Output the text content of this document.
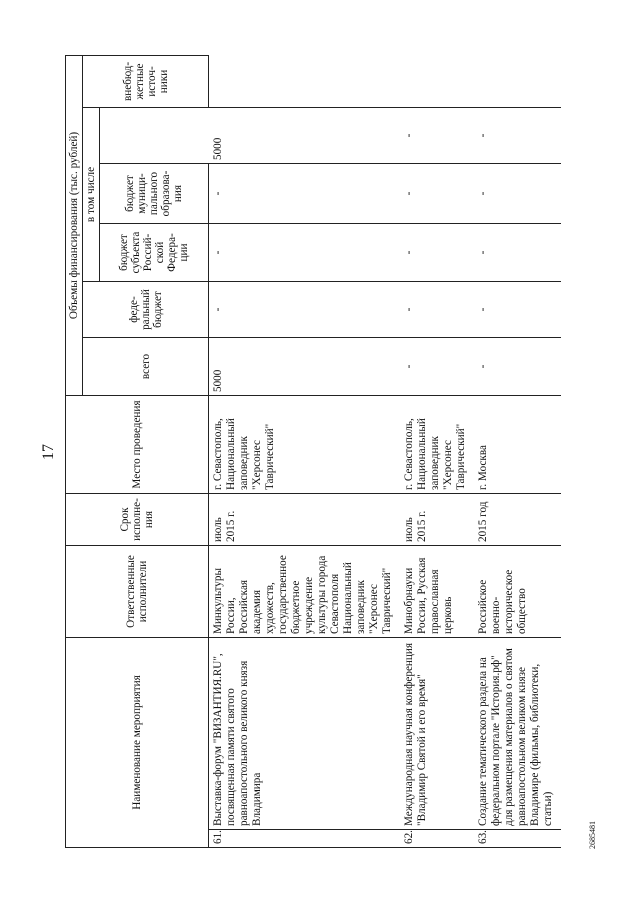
17
2685481
Наименование мероприятия		Ответственные исполнители	Срок исполне-ния	Место проведения	Объемы финансирования (тыс. рублей)					
					всего	феде-ральный бюджет	в том числе			внебюд-жетные источ-ники
							бюджет субъекта Россий-ской Федера-ции	бюджет муници-пального образова-ния		
61.	Выставка-форум "ВИЗАНТИЯ.RU", посвященная памяти святого равноапостольного великого князя Владимира	Минкультуры России, Российская академия художеств, государственное бюджетное учреждение культуры города Севастополя Национальный заповедник "Херсонес Таврический"	июль 2015 г.	г. Севастополь, Национальный заповедник "Херсонес Таврический"	5000	-	-	-	5000	
62.	Международная научная конференция "Владимир Святой и его время"	Минобрнауки России, Русская православная церковь	июль 2015 г.	г. Севастополь, Национальный заповедник "Херсонес Таврический"	-	-	-	-	-	
63.	Создание тематического раздела на федеральном портале "История.рф" для размещения материалов о святом равноапостольном великом князе Владимире (фильмы, библиотеки, статьи)	Российское военно-историческое общество	2015 год	г. Москва	-	-	-	-	-	
